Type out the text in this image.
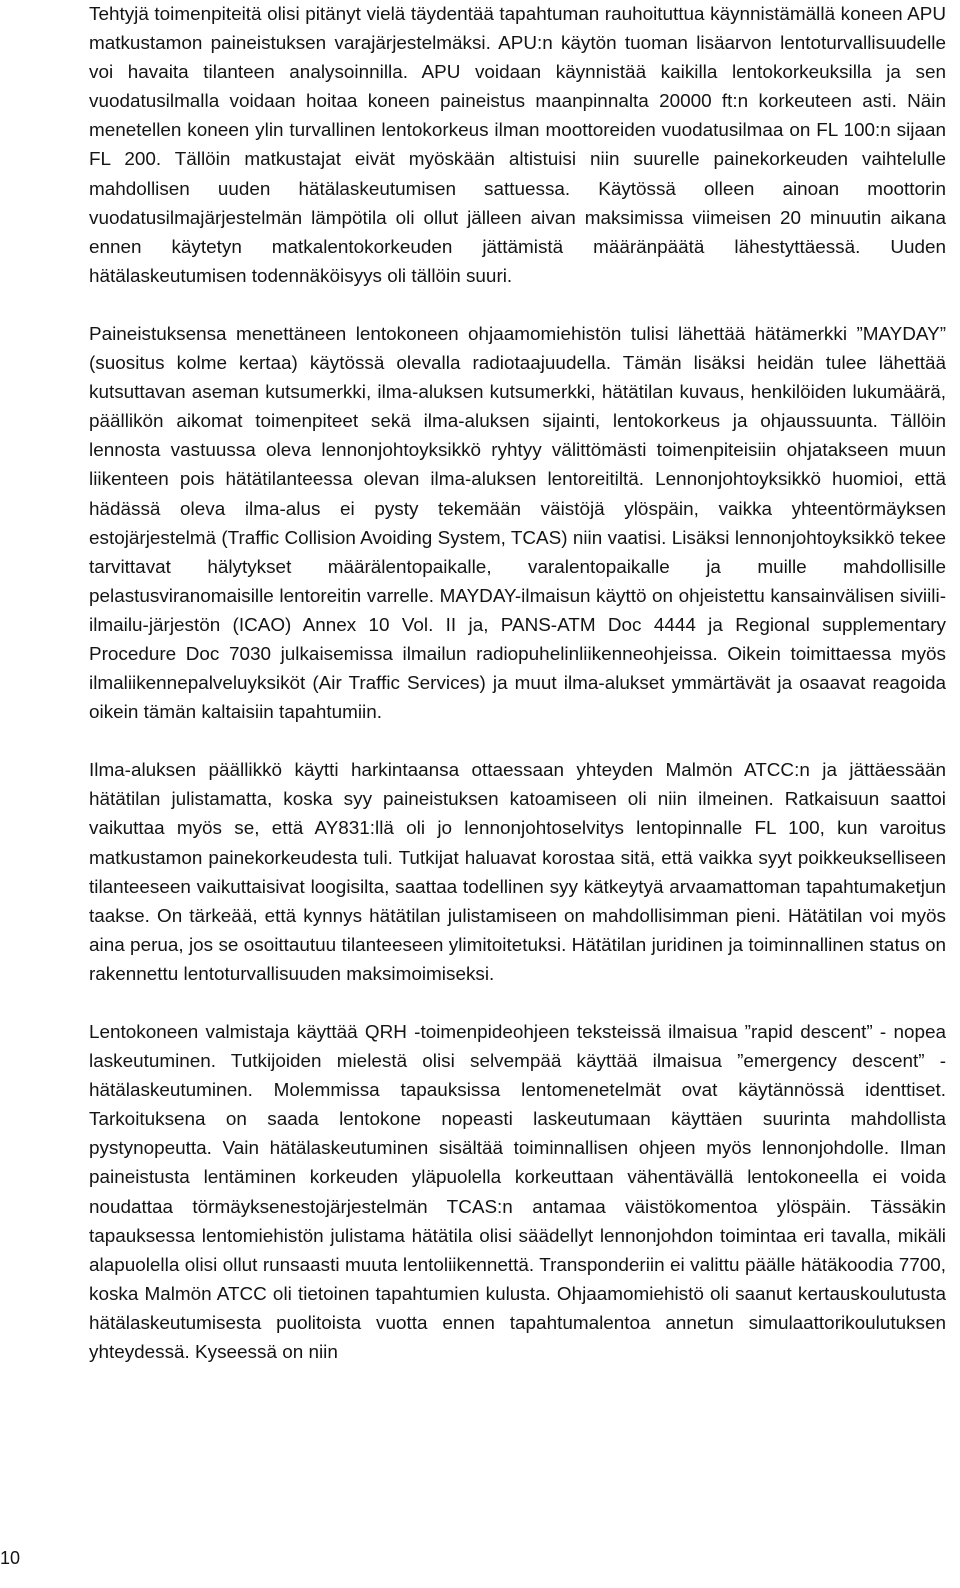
Tehtyjä toimenpiteitä olisi pitänyt vielä täydentää tapahtuman rauhoituttua käynnistämällä koneen APU matkustamon paineistuksen varajärjestelmäksi. APU:n käytön tuoman lisäarvon lentoturvallisuudelle voi havaita tilanteen analysoinnilla. APU voidaan käynnistää kaikilla lentokorkeuksilla ja sen vuodatusilmalla voidaan hoitaa koneen paineistus maanpinnalta 20000 ft:n korkeuteen asti. Näin menetellen koneen ylin turvallinen lentokorkeus ilman moottoreiden vuodatusilmaa on FL 100:n sijaan FL 200. Tällöin matkustajat eivät myöskään altistuisi niin suurelle painekorkeuden vaihtelulle mahdollisen uuden hätälaskeutumisen sattuessa. Käytössä olleen ainoan moottorin vuodatusilmajärjestelmän lämpötila oli ollut jälleen aivan maksimissa viimeisen 20 minuutin aikana ennen käytetyn matkalentokorkeuden jättämistä määränpäätä lähestyttäessä. Uuden hätälaskeutumisen todennäköisyys oli tällöin suuri.

Paineistuksensa menettäneen lentokoneen ohjaamomiehistön tulisi lähettää hätämerkki ”MAYDAY” (suositus kolme kertaa) käytössä olevalla radiotaajuudella. Tämän lisäksi heidän tulee lähettää kutsuttavan aseman kutsumerkki, ilma-aluksen kutsumerkki, hätätilan kuvaus, henkilöiden lukumäärä, päällikön aikomat toimenpiteet sekä ilma-aluksen sijainti, lentokorkeus ja ohjaussuunta. Tällöin lennosta vastuussa oleva lennonjohtoyksikkö ryhtyy välittömästi toimenpiteisiin ohjatakseen muun liikenteen pois hätätilanteessa olevan ilma-aluksen lentoreitiltä. Lennonjohtoyksikkö huomioi, että hädässä oleva ilma-alus ei pysty tekemään väistöjä ylöspäin, vaikka yhteentörmäyksen estojärjestelmä (Traffic Collision Avoiding System, TCAS) niin vaatisi. Lisäksi lennonjohtoyksikkö tekee tarvittavat hälytykset määrälentopaikalle, varalentopaikalle ja muille mahdollisille pelastusviranomaisille lentoreitin varrelle. MAYDAY-ilmaisun käyttö on ohjeistettu kansainvälisen siviili-ilmailu-järjestön (ICAO) Annex 10 Vol. II ja, PANS-ATM Doc 4444 ja Regional supplementary Procedure Doc 7030 julkaisemissa ilmailun radiopuhelinliikenneohjeissa. Oikein toimittaessa myös ilmaliikennepalveluyksiköt (Air Traffic Services) ja muut ilma-alukset ymmärtävät ja osaavat reagoida oikein tämän kaltaisiin tapahtumiin.

Ilma-aluksen päällikkö käytti harkintaansa ottaessaan yhteyden Malmön ATCC:n ja jättäessään hätätilan julistamatta, koska syy paineistuksen katoamiseen oli niin ilmeinen. Ratkaisuun saattoi vaikuttaa myös se, että AY831:llä oli jo lennonjohtoselvitys lentopinnalle FL 100, kun varoitus matkustamon painekorkeudesta tuli. Tutkijat haluavat korostaa sitä, että vaikka syyt poikkeukselliseen tilanteeseen vaikuttaisivat loogisilta, saattaa todellinen syy kätkeytyä arvaamattoman tapahtumaketjun taakse. On tärkeää, että kynnys hätätilan julistamiseen on mahdollisimman pieni. Hätätilan voi myös aina perua, jos se osoittautuu tilanteeseen ylimitoitetuksi. Hätätilan juridinen ja toiminnallinen status on rakennettu lentoturvallisuuden maksimoimiseksi.

Lentokoneen valmistaja käyttää QRH -toimenpideohjeen teksteissä ilmaisua ”rapid descent” - nopea laskeutuminen. Tutkijoiden mielestä olisi selvempää käyttää ilmaisua ”emergency descent” - hätälaskeutuminen. Molemmissa tapauksissa lentomenetelmät ovat käytännössä identtiset. Tarkoituksena on saada lentokone nopeasti laskeutumaan käyttäen suurinta mahdollista pystynopeutta. Vain hätälaskeutuminen sisältää toiminnallisen ohjeen myös lennonjohdolle. Ilman paineistusta lentäminen korkeuden yläpuolella korkeuttaan vähentävällä lentokoneella ei voida noudattaa törmäyksenestojärjestelmän TCAS:n antamaa väistökomentoa ylöspäin. Tässäkin tapauksessa lentomiehistön julistama hätätila olisi säädellyt lennonjohdon toimintaa eri tavalla, mikäli alapuolella olisi ollut runsaasti muuta lentoliikennettä. Transponderiin ei valittu päälle hätäkoodia 7700, koska Malmön ATCC oli tietoinen tapahtumien kulusta. Ohjaamomiehistö oli saanut kertauskoulutusta hätälaskeutumisesta puolitoista vuotta ennen tapahtumalentoa annetun simulaattorikoulutuksen yhteydessä. Kyseessä on niin

10
